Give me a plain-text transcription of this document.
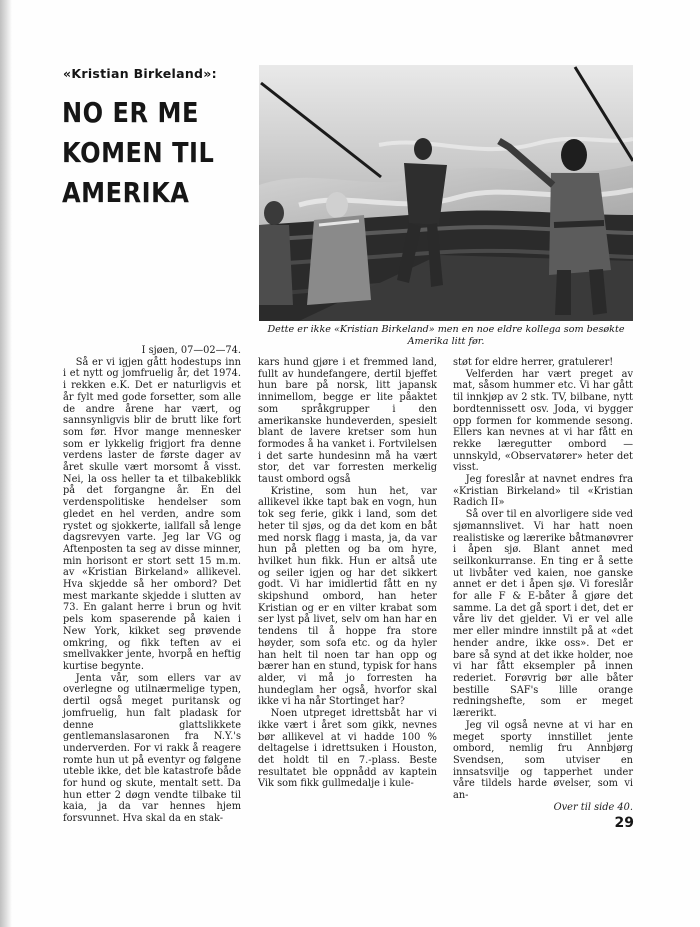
«Kristian Birkeland»:
NO ER ME
KOMEN TIL
AMERIKA
Dette er ikke «Kristian Birkeland» men en noe eldre kollega som besøkte Amerika litt før.

I sjøen, 07—02—74.

Så er vi igjen gått hodestups inn i et nytt og jomfruelig år, det 1974. i rekken e.K. Det er naturligvis et år fylt med gode forsetter, som alle de andre årene har vært, og sannsynligvis blir de brutt like fort som før. Hvor mange mennesker som er lykkelig frigjort fra denne verdens laster de første dager av året skulle vært morsomt å visst. Nei, la oss heller ta et tilbakeblikk på det forgangne år. En del verdenspolitiske hendelser som gledet en hel verden, andre som rystet og sjokkerte, iallfall så lenge dagsrevyen varte. Jeg lar VG og Aftenposten ta seg av disse minner, min horisont er stort sett 15 m.m. av «Kristian Birkeland» allikevel. Hva skjedde så her ombord? Det mest markante skjedde i slutten av 73. En galant herre i brun og hvit pels kom spaserende på kaien i New York, kikket seg prøvende omkring, og fikk teften av ei smellvakker jente, hvorpå en heftig kurtise begynte.

Jenta vår, som ellers var av overlegne og utilnærmelige typen, dertil også meget puritansk og jomfruelig, hun falt pladask for denne glattslikkete gentlemanslasaronen fra N.Y.'s underverden. For vi rakk å reagere romte hun ut på eventyr og følgene uteble ikke, det ble katastrofe både for hund og skute, mentalt sett. Da hun etter 2 døgn vendte tilbake til kaia, ja da var hennes hjem forsvunnet. Hva skal da en stak-

kars hund gjøre i et fremmed land, fullt av hundefangere, dertil bjeffet hun bare på norsk, litt japansk innimellom, begge er lite påaktet som språkgrupper i den amerikanske hundeverden, spesielt blant de lavere kretser som hun formodes å ha vanket i. Fortvilelsen i det sarte hundesinn må ha vært stor, det var forresten merkelig taust ombord også

Kristine, som hun het, var allikevel ikke tapt bak en vogn, hun tok seg ferie, gikk i land, som det heter til sjøs, og da det kom en båt med norsk flagg i masta, ja, da var hun på pletten og ba om hyre, hvilket hun fikk. Hun er altså ute og seiler igjen og har det sikkert godt. Vi har imidlertid fått en ny skipshund ombord, han heter Kristian og er en vilter krabat som ser lyst på livet, selv om han har en tendens til å hoppe fra store høyder, som sofa etc. og da hyler han helt til noen tar han opp og bærer han en stund, typisk for hans alder, vi må jo forresten ha hundeglam her også, hvorfor skal ikke vi ha når Stortinget har?

Noen utpreget idrettsbåt har vi ikke vært i året som gikk, nevnes bør allikevel at vi hadde 100 % deltagelse i idrettsuken i Houston, det holdt til en 7.-plass. Beste resultatet ble oppnådd av kaptein Vik som fikk gullmedalje i kule-

støt for eldre herrer, gratulerer!

Velferden har vært preget av mat, såsom hummer etc. Vi har gått til innkjøp av 2 stk. TV, bilbane, nytt bordtennissett osv. Joda, vi bygger opp formen for kommende sesong. Ellers kan nevnes at vi har fått en rekke læregutter ombord — unnskyld, «Observatører» heter det visst.

Jeg foreslår at navnet endres fra «Kristian Birkeland» til «Kristian Radich II»

Så over til en alvorligere side ved sjømannslivet. Vi har hatt noen realistiske og lærerike båtmanøvrer i åpen sjø. Blant annet med seilkonkurranse. En ting er å sette ut livbåter ved kaien, noe ganske annet er det i åpen sjø. Vi foreslår for alle F & E-båter å gjøre det samme. La det gå sport i det, det er våre liv det gjelder. Vi er vel alle mer eller mindre innstilt på at «det hender andre, ikke oss». Det er bare så synd at det ikke holder, noe vi har fått eksempler på innen rederiet. Forøvrig bør alle båter bestille SAF's lille orange redningshefte, som er meget lærerikt.

Jeg vil også nevne at vi har en meget sporty innstillet jente ombord, nemlig fru Annbjørg Svendsen, som utviser en innsatsvilje og tapperhet under våre tildels harde øvelser, som vi an-

Over til side 40.

29
